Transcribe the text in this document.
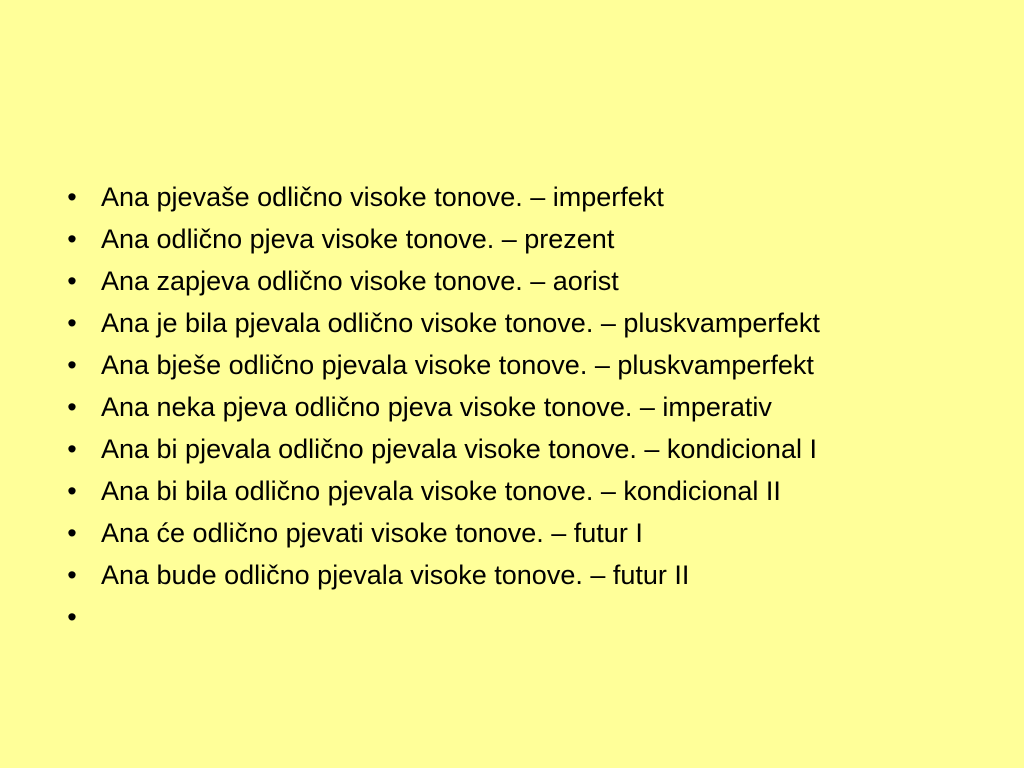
• Ana pjevaše odlično visoke tonove. – imperfekt
• Ana odlično pjeva visoke tonove. – prezent
• Ana zapjeva odlično visoke tonove. – aorist
• Ana je bila pjevala odlično visoke tonove. – pluskvamperfekt
• Ana bješe odlično pjevala visoke tonove. – pluskvamperfekt
• Ana neka pjeva odlično pjeva visoke tonove. – imperativ
• Ana bi pjevala odlično pjevala visoke tonove. – kondicional I
• Ana bi bila odlično pjevala visoke tonove. – kondicional II
• Ana će odlično pjevati visoke tonove. – futur I
• Ana bude odlično pjevala visoke tonove. – futur II
•
